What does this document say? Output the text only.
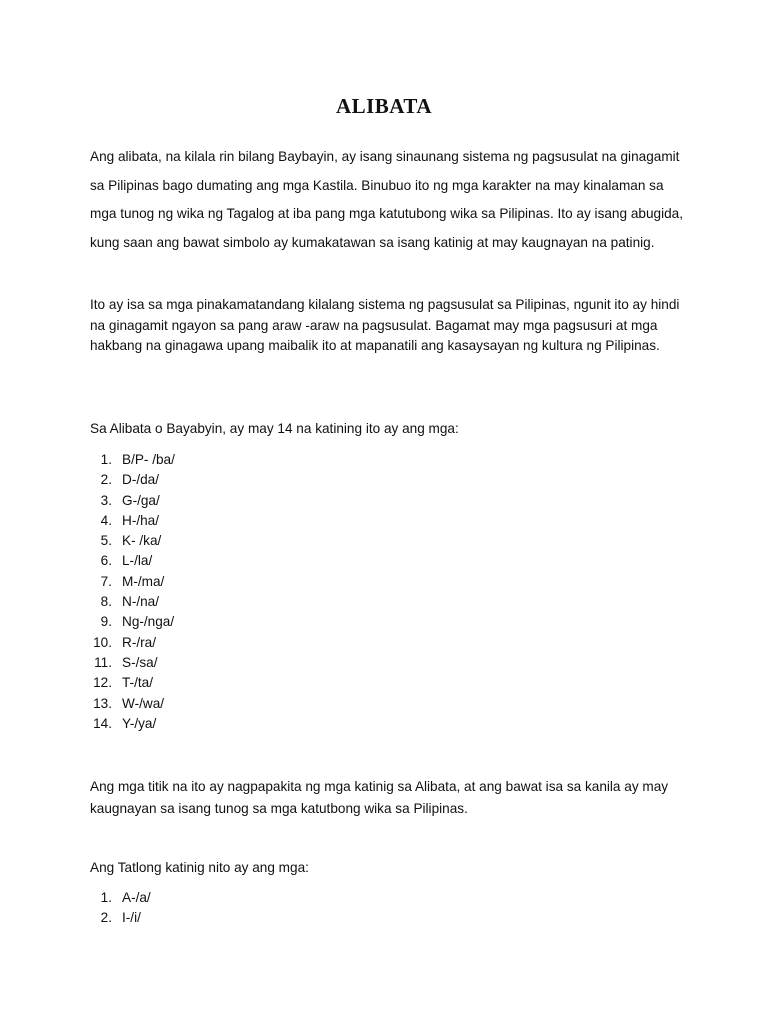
ALIBATA

Ang alibata, na kilala rin bilang Baybayin, ay isang sinaunang sistema ng pagsusulat na ginagamit sa Pilipinas bago dumating ang mga Kastila. Binubuo ito ng mga karakter na may kinalaman sa mga tunog ng wika ng Tagalog at iba pang mga katutubong wika sa Pilipinas. Ito ay isang abugida, kung saan ang bawat simbolo ay kumakatawan sa isang katinig at may kaugnayan na patinig.

Ito ay isa sa mga pinakamatandang kilalang sistema ng pagsusulat sa Pilipinas, ngunit ito ay hindi na ginagamit ngayon sa pang araw -araw na pagsusulat. Bagamat may mga pagsusuri at mga hakbang na ginagawa upang maibalik ito at mapanatili ang kasaysayan ng kultura ng Pilipinas.

Sa Alibata o Bayabyin, ay may 14 na katining ito ay ang mga:

1. B/P- /ba/
2. D-/da/
3. G-/ga/
4. H-/ha/
5. K- /ka/
6. L-/la/
7. M-/ma/
8. N-/na/
9. Ng-/nga/
10. R-/ra/
11. S-/sa/
12. T-/ta/
13. W-/wa/
14. Y-/ya/

Ang mga titik na ito ay nagpapakita ng mga katinig sa Alibata, at ang bawat isa sa kanila ay may kaugnayan sa isang tunog sa mga katutbong wika sa Pilipinas.

Ang Tatlong katinig nito ay ang mga:

1. A-/a/
2. I-/i/
